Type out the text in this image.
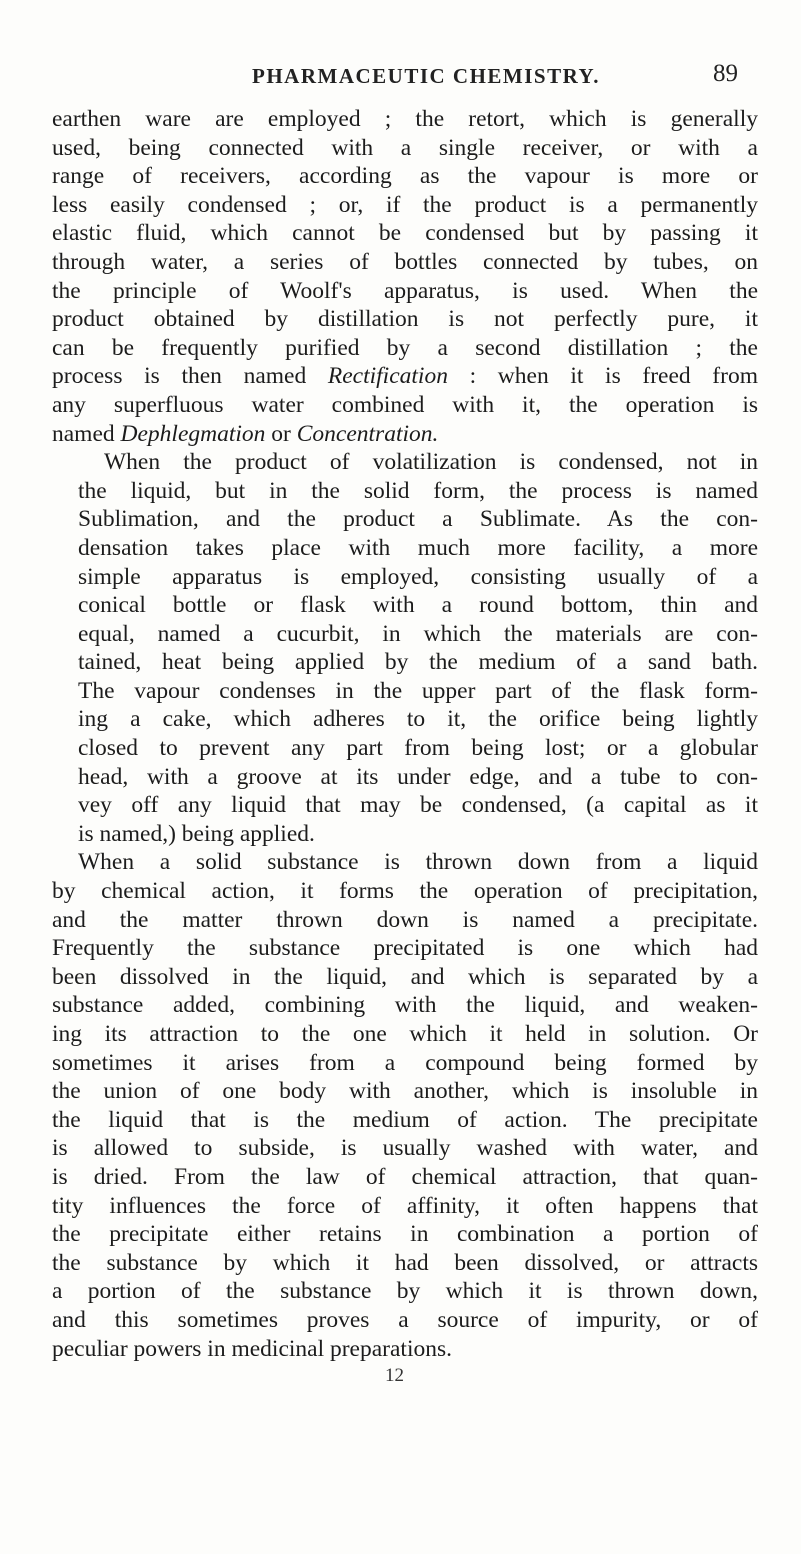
PHARMACEUTIC CHEMISTRY.	89

earthen ware are employed ; the retort, which is generally
used, being connected with a single receiver, or with a
range of receivers, according as the vapour is more or
less easily condensed ; or, if the product is a permanently
elastic fluid, which cannot be condensed but by passing it
through water, a series of bottles connected by tubes, on
the principle of Woolf's apparatus, is used. When the
product obtained by distillation is not perfectly pure, it
can be frequently purified by a second distillation ; the
process is then named Rectification : when it is freed from
any superfluous water combined with it, the operation is
named Dephlegmation or Concentration.

When the product of volatilization is condensed, not in
the liquid, but in the solid form, the process is named
Sublimation, and the product a Sublimate. As the con-
densation takes place with much more facility, a more
simple apparatus is employed, consisting usually of a
conical bottle or flask with a round bottom, thin and
equal, named a cucurbit, in which the materials are con-
tained, heat being applied by the medium of a sand bath.
The vapour condenses in the upper part of the flask form-
ing a cake, which adheres to it, the orifice being lightly
closed to prevent any part from being lost; or a globular
head, with a groove at its under edge, and a tube to con-
vey off any liquid that may be condensed, (a capital as it
is named,) being applied.

When a solid substance is thrown down from a liquid
by chemical action, it forms the operation of precipitation,
and the matter thrown down is named a precipitate.
Frequently the substance precipitated is one which had
been dissolved in the liquid, and which is separated by a
substance added, combining with the liquid, and weaken-
ing its attraction to the one which it held in solution. Or
sometimes it arises from a compound being formed by
the union of one body with another, which is insoluble in
the liquid that is the medium of action. The precipitate
is allowed to subside, is usually washed with water, and
is dried. From the law of chemical attraction, that quan-
tity influences the force of affinity, it often happens that
the precipitate either retains in combination a portion of
the substance by which it had been dissolved, or attracts
a portion of the substance by which it is thrown down,
and this sometimes proves a source of impurity, or of
peculiar powers in medicinal preparations.

12
